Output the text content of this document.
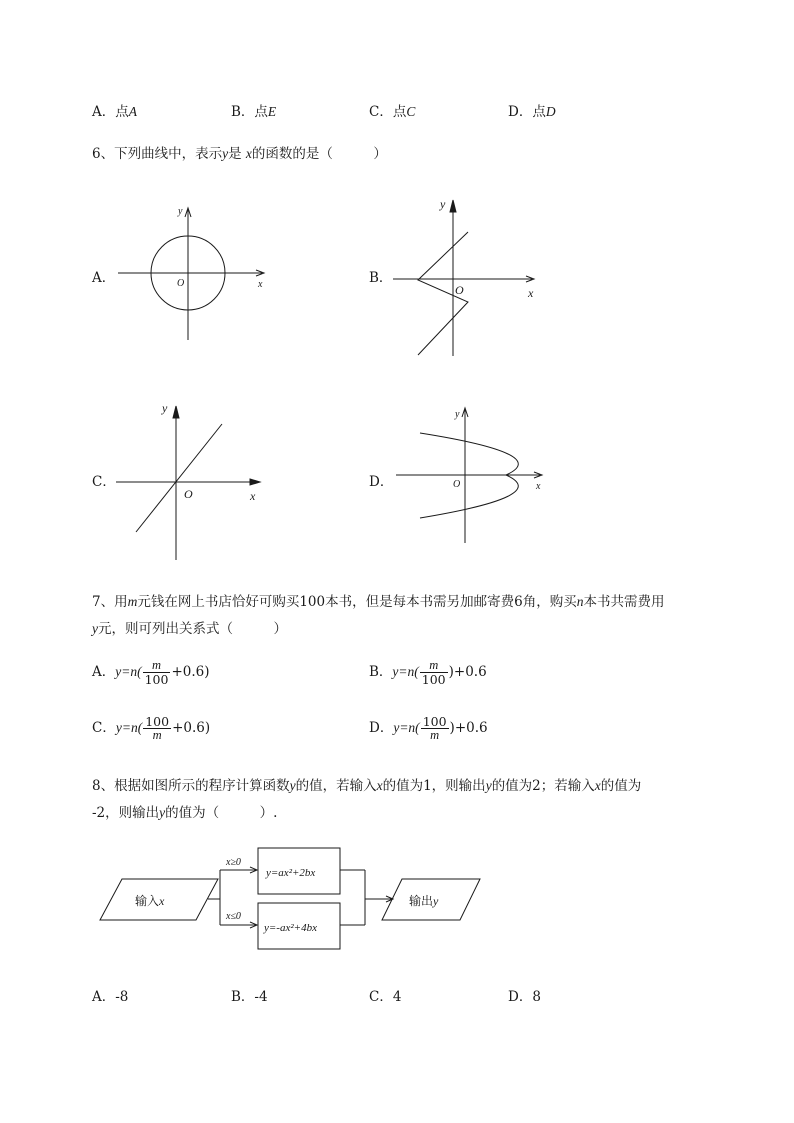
A．点A	B．点E	C．点C	D．点D
6、下列曲线中，表示y是 x的函数的是（　　　）
A．	x
y
O	B．
x
y
O
C．
x
y
O
D．	x
y
O
7、用m元钱在网上书店恰好可购买100本书，但是每本书需另加邮寄费6角，购买n本书共需费用
y元，则可列出关系式（　　　）
A．$y=n( \frac{m}{100} +0.6)$	B．$y=n( \frac{m}{100} )+0.6$
C．$y=n( \frac{100}{m} +0.6)$	D．$y=n( \frac{100}{m} )+0.6$
8、根据如图所示的程序计算函数y的值，若输入x的值为1，则输出y的值为2；若输入x的值为
-2，则输出y的值为（　　　）.
输入x	输出y
x≥0
x≤0
y=ax²+2bx
y=-ax²+4bx
A．-8	B．-4	C．4	D．8
